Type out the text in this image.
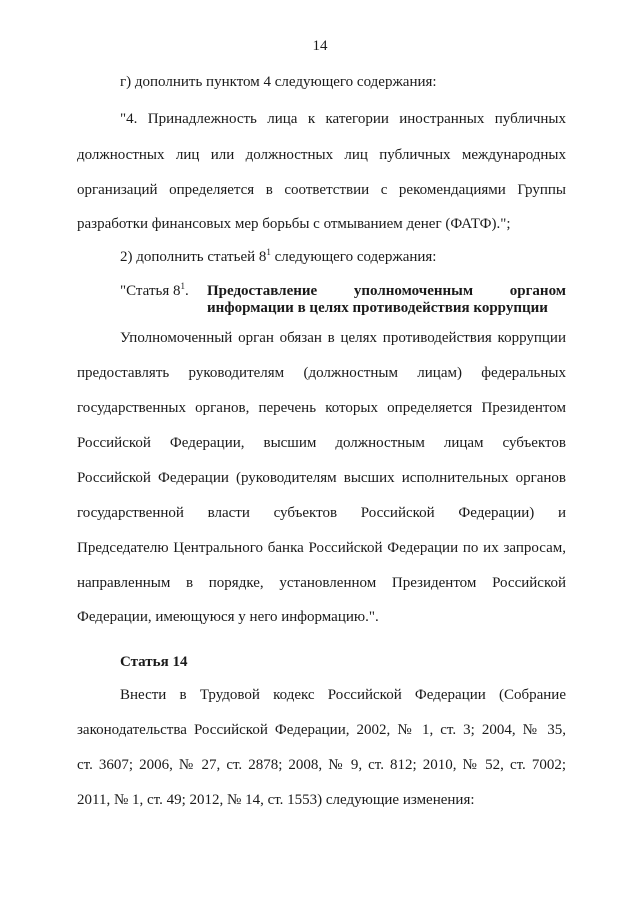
14
г) дополнить пунктом 4 следующего содержания:
"4. Принадлежность лица к категории иностранных публичных
должностных лиц или должностных лиц публичных международных
организаций определяется в соответствии с рекомендациями Группы
разработки финансовых мер борьбы с отмыванием денег (ФАТФ).";
2) дополнить статьей $8^1$ следующего содержания:
"Статья $8^1$. Предоставление уполномоченным органом
информации в целях противодействия коррупции
Уполномоченный орган обязан в целях противодействия коррупции
предоставлять руководителям (должностным лицам) федеральных
государственных органов, перечень которых определяется Президентом
Российской Федерации, высшим должностным лицам субъектов
Российской Федерации (руководителям высших исполнительных органов
государственной власти субъектов Российской Федерации) и
Председателю Центрального банка Российской Федерации по их запросам,
направленным в порядке, установленном Президентом Российской
Федерации, имеющуюся у него информацию.".
Статья 14
Внести в Трудовой кодекс Российской Федерации (Собрание
законодательства Российской Федерации, 2002, № 1, ст. 3; 2004, № 35,
ст. 3607; 2006, № 27, ст. 2878; 2008, № 9, ст. 812; 2010, № 52, ст. 7002;
2011, № 1, ст. 49; 2012, № 14, ст. 1553) следующие изменения:
